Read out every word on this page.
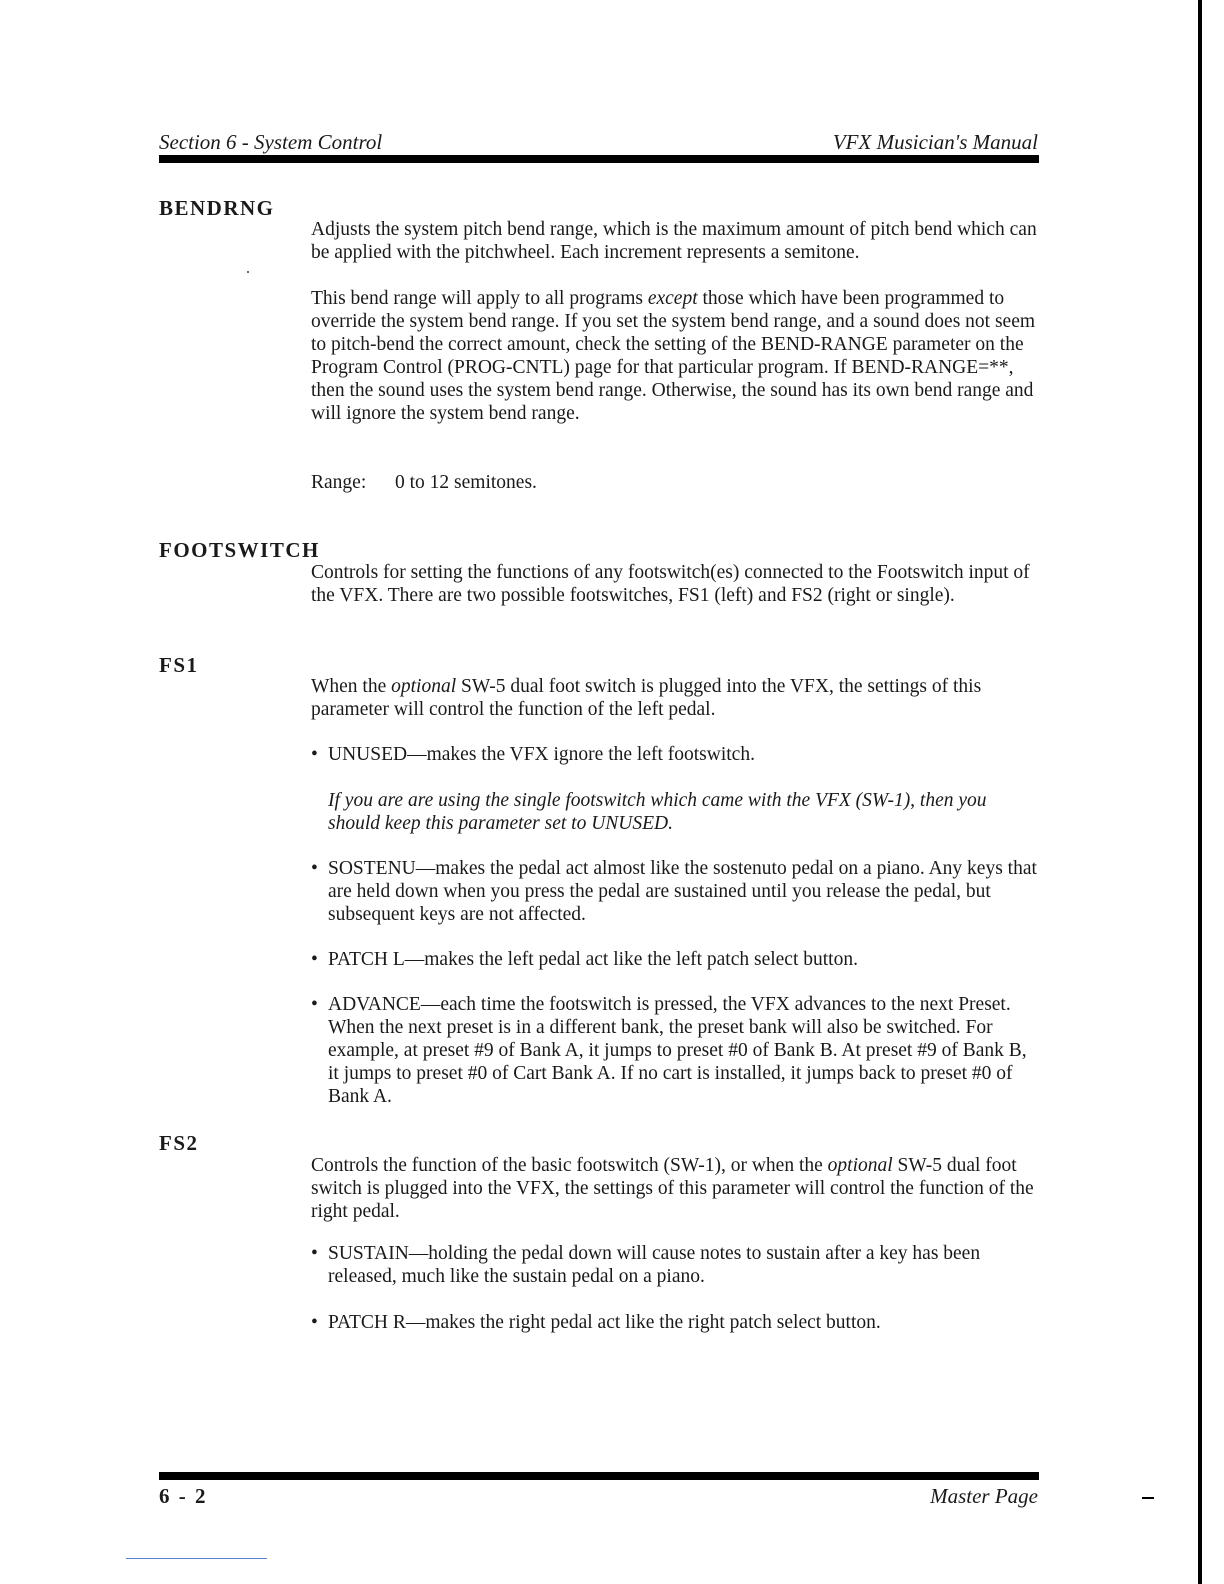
Section 6 - System Control	VFX Musician's Manual
BENDRNG

Adjusts the system pitch bend range, which is the maximum amount of pitch bend which can be applied with the pitchwheel. Each increment represents a semitone.

This bend range will apply to all programs except those which have been programmed to override the system bend range. If you set the system bend range, and a sound does not seem to pitch-bend the correct amount, check the setting of the BEND-RANGE parameter on the Program Control (PROG-CNTL) page for that particular program. If BEND-RANGE=**, then the sound uses the system bend range. Otherwise, the sound has its own bend range and will ignore the system bend range.

Range: 0 to 12 semitones.

FOOTSWITCH

Controls for setting the functions of any footswitch(es) connected to the Footswitch input of the VFX. There are two possible footswitches, FS1 (left) and FS2 (right or single).

FS1

When the optional SW-5 dual foot switch is plugged into the VFX, the settings of this parameter will control the function of the left pedal.

• UNUSED—makes the VFX ignore the left footswitch.

If you are are using the single footswitch which came with the VFX (SW-1), then you should keep this parameter set to UNUSED.

• SOSTENU—makes the pedal act almost like the sostenuto pedal on a piano. Any keys that are held down when you press the pedal are sustained until you release the pedal, but subsequent keys are not affected.

• PATCH L—makes the left pedal act like the left patch select button.

• ADVANCE—each time the footswitch is pressed, the VFX advances to the next Preset. When the next preset is in a different bank, the preset bank will also be switched. For example, at preset #9 of Bank A, it jumps to preset #0 of Bank B. At preset #9 of Bank B, it jumps to preset #0 of Cart Bank A. If no cart is installed, it jumps back to preset #0 of Bank A.

FS2

Controls the function of the basic footswitch (SW-1), or when the optional SW-5 dual foot switch is plugged into the VFX, the settings of this parameter will control the function of the right pedal.

• SUSTAIN—holding the pedal down will cause notes to sustain after a key has been released, much like the sustain pedal on a piano.

• PATCH R—makes the right pedal act like the right patch select button.

6 - 2	Master Page
